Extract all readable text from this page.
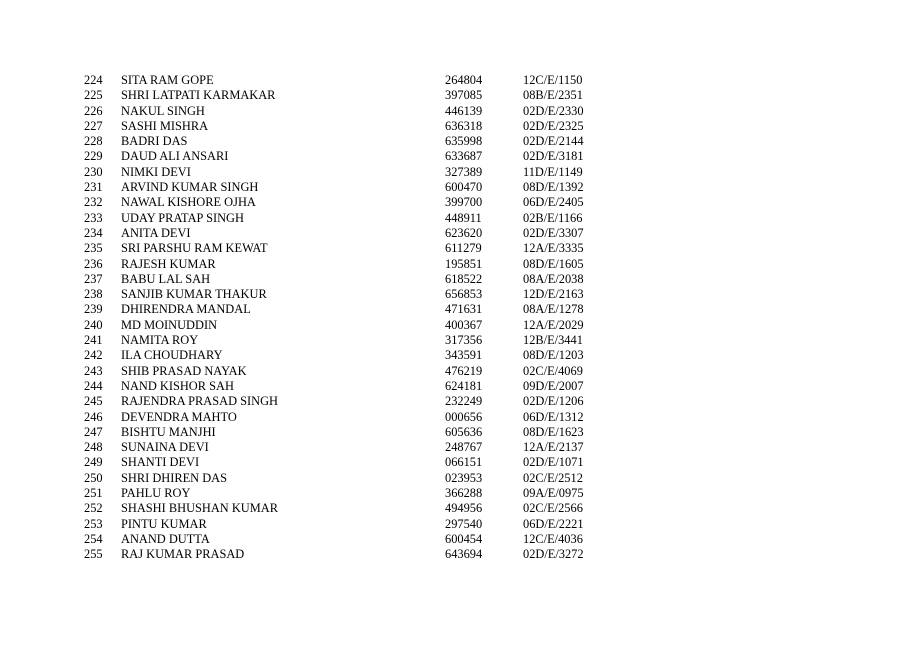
224	SITA RAM GOPE	264804	12C/E/1150
225	SHRI LATPATI KARMAKAR	397085	08B/E/2351
226	NAKUL SINGH	446139	02D/E/2330
227	SASHI MISHRA	636318	02D/E/2325
228	BADRI DAS	635998	02D/E/2144
229	DAUD ALI ANSARI	633687	02D/E/3181
230	NIMKI DEVI	327389	11D/E/1149
231	ARVIND KUMAR SINGH	600470	08D/E/1392
232	NAWAL KISHORE OJHA	399700	06D/E/2405
233	UDAY PRATAP SINGH	448911	02B/E/1166
234	ANITA DEVI	623620	02D/E/3307
235	SRI PARSHU RAM KEWAT	611279	12A/E/3335
236	RAJESH KUMAR	195851	08D/E/1605
237	BABU LAL SAH	618522	08A/E/2038
238	SANJIB KUMAR THAKUR	656853	12D/E/2163
239	DHIRENDRA MANDAL	471631	08A/E/1278
240	MD MOINUDDIN	400367	12A/E/2029
241	NAMITA ROY	317356	12B/E/3441
242	ILA CHOUDHARY	343591	08D/E/1203
243	SHIB PRASAD NAYAK	476219	02C/E/4069
244	NAND KISHOR SAH	624181	09D/E/2007
245	RAJENDRA PRASAD SINGH	232249	02D/E/1206
246	DEVENDRA MAHTO	000656	06D/E/1312
247	BISHTU MANJHI	605636	08D/E/1623
248	SUNAINA DEVI	248767	12A/E/2137
249	SHANTI DEVI	066151	02D/E/1071
250	SHRI DHIREN DAS	023953	02C/E/2512
251	PAHLU ROY	366288	09A/E/0975
252	SHASHI BHUSHAN KUMAR	494956	02C/E/2566
253	PINTU KUMAR	297540	06D/E/2221
254	ANAND DUTTA	600454	12C/E/4036
255	RAJ KUMAR PRASAD	643694	02D/E/3272
